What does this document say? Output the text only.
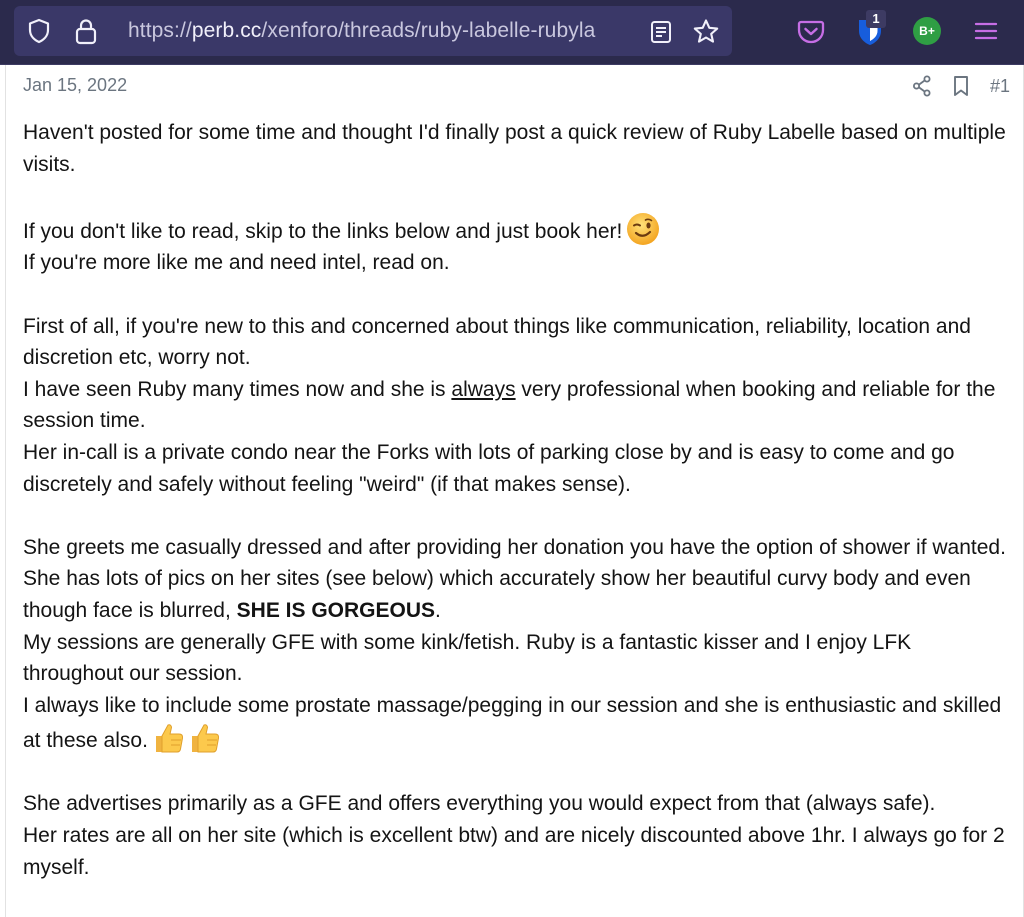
https://perb.cc/xenforo/threads/ruby-labelle-rubyla
1
B+
Jan 15, 2022	#1

Haven't posted for some time and thought I'd finally post a quick review of Ruby Labelle based on multiple visits.

If you don't like to read, skip to the links below and just book her!

If you're more like me and need intel, read on.

First of all, if you're new to this and concerned about things like communication, reliability, location and discretion etc, worry not.

I have seen Ruby many times now and she is always very professional when booking and reliable for the session time.

Her in-call is a private condo near the Forks with lots of parking close by and is easy to come and go discretely and safely without feeling "weird" (if that makes sense).

She greets me casually dressed and after providing her donation you have the option of shower if wanted.

She has lots of pics on her sites (see below) which accurately show her beautiful curvy body and even though face is blurred, SHE IS GORGEOUS.

My sessions are generally GFE with some kink/fetish. Ruby is a fantastic kisser and I enjoy LFK throughout our session.

I always like to include some prostate massage/pegging in our session and she is enthusiastic and skilled at these also.

She advertises primarily as a GFE and offers everything you would expect from that (always safe).

Her rates are all on her site (which is excellent btw) and are nicely discounted above 1hr. I always go for 2 myself.
